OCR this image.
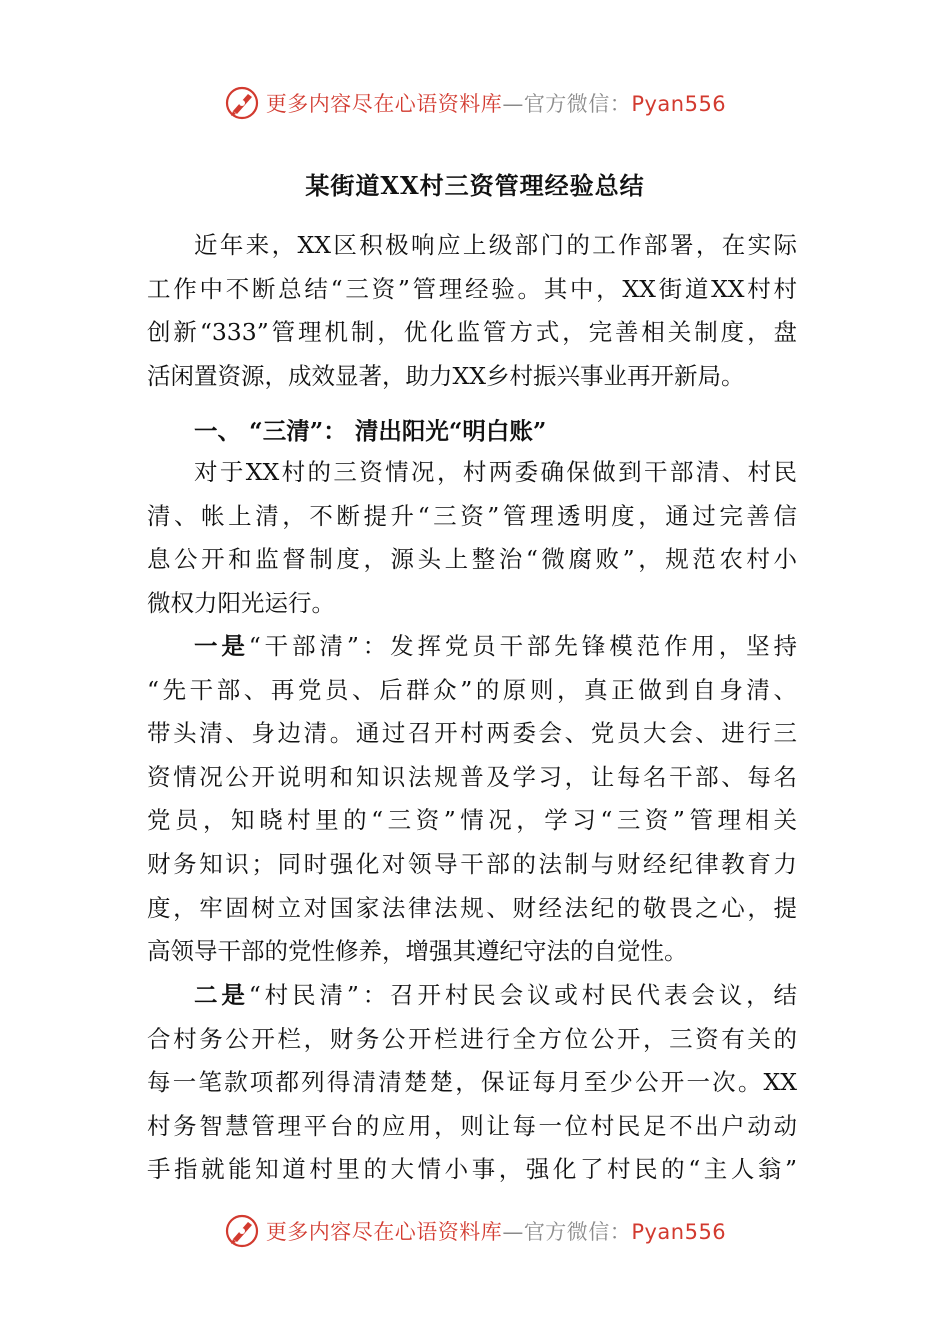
更多内容尽在心语资料库—官方微信：Pyan556
某街道XX村三资管理经验总结
近年来，XX区积极响应上级部门的工作部署，在实际
工作中不断总结“三资”管理经验。其中，XX街道XX村村
创新“333”管理机制，优化监管方式，完善相关制度，盘
活闲置资源，成效显著，助力XX乡村振兴事业再开新局。
一、 “三清”： 清出阳光“明白账”
对于XX村的三资情况，村两委确保做到干部清、村民
清、帐上清，不断提升“三资”管理透明度，通过完善信
息公开和监督制度，源头上整治“微腐败”，规范农村小
微权力阳光运行。
一是“干部清”：发挥党员干部先锋模范作用，坚持
“先干部、再党员、后群众”的原则，真正做到自身清、
带头清、身边清。通过召开村两委会、党员大会、进行三
资情况公开说明和知识法规普及学习，让每名干部、每名
党员，知晓村里的“三资”情况，学习“三资”管理相关
财务知识；同时强化对领导干部的法制与财经纪律教育力
度，牢固树立对国家法律法规、财经法纪的敬畏之心，提
高领导干部的党性修养，增强其遵纪守法的自觉性。
二是“村民清”：召开村民会议或村民代表会议，结
合村务公开栏，财务公开栏进行全方位公开，三资有关的
每一笔款项都列得清清楚楚，保证每月至少公开一次。XX
村务智慧管理平台的应用，则让每一位村民足不出户动动
手指就能知道村里的大情小事，强化了村民的“主人翁”
更多内容尽在心语资料库—官方微信：Pyan556
